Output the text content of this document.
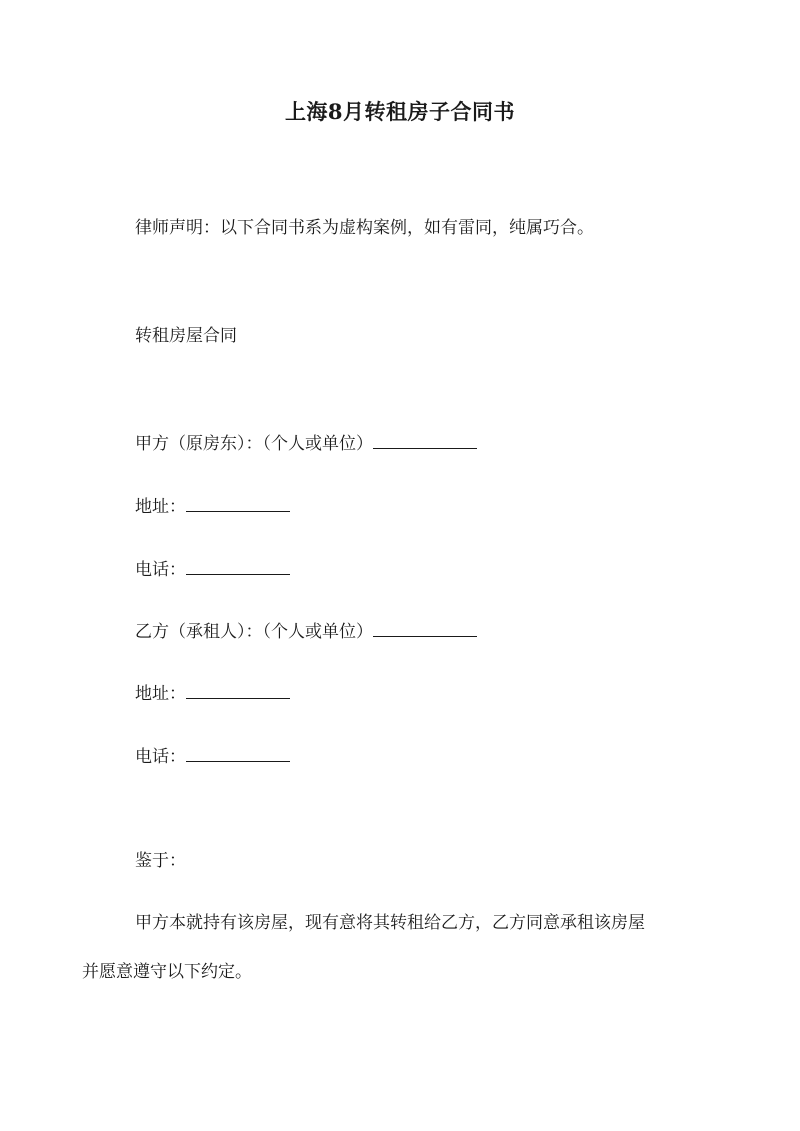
上海8月转租房子合同书
律师声明：以下合同书系为虚构案例，如有雷同，纯属巧合。
转租房屋合同
甲方（原房东）：（个人或单位）
地址：
电话：
乙方（承租人）：（个人或单位）
地址：
电话：
鉴于：
甲方本就持有该房屋，现有意将其转租给乙方，乙方同意承租该房屋
并愿意遵守以下约定。
